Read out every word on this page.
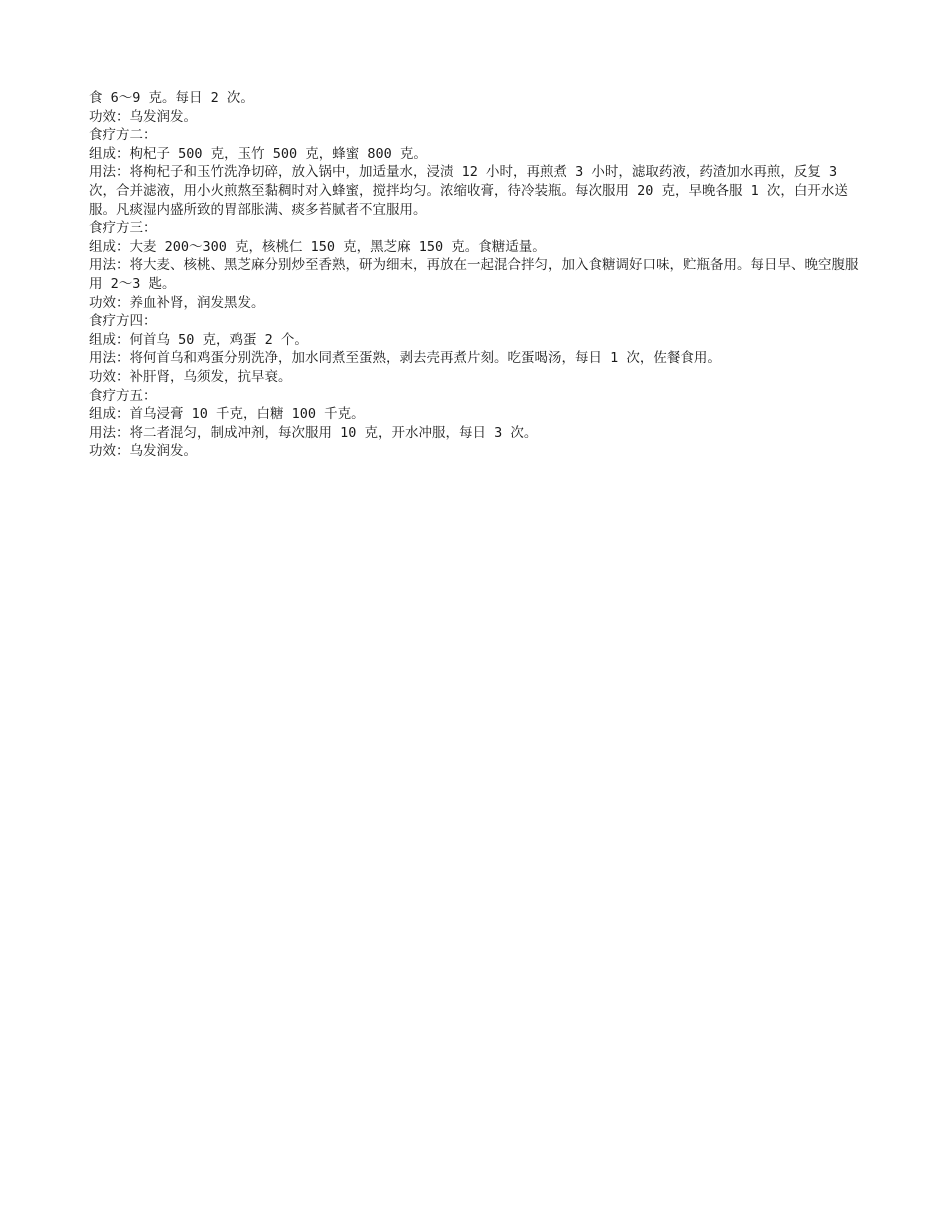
食 6～9 克。每日 2 次。

功效：乌发润发。

食疗方二：

组成：枸杞子 500 克，玉竹 500 克，蜂蜜 800 克。

用法：将枸杞子和玉竹洗净切碎，放入锅中，加适量水，浸渍 12 小时，再煎煮 3 小时，滤取药液，药渣加水再煎，反复 3 次，合并滤液，用小火煎熬至黏稠时对入蜂蜜，搅拌均匀。浓缩收膏，待冷装瓶。每次服用 20 克，早晚各服 1 次，白开水送服。凡痰湿内盛所致的胃部胀满、痰多苔腻者不宜服用。

食疗方三：

组成：大麦 200～300 克，核桃仁 150 克，黑芝麻 150 克。食糖适量。

用法：将大麦、核桃、黑芝麻分别炒至香熟，研为细末，再放在一起混合拌匀，加入食糖调好口味，贮瓶备用。每日早、晚空腹服用 2～3 匙。

功效：养血补肾，润发黑发。

食疗方四：

组成：何首乌 50 克，鸡蛋 2 个。

用法：将何首乌和鸡蛋分别洗净，加水同煮至蛋熟，剥去壳再煮片刻。吃蛋喝汤，每日 1 次，佐餐食用。

功效：补肝肾，乌须发，抗早衰。

食疗方五：

组成：首乌浸膏 10 千克，白糖 100 千克。

用法：将二者混匀，制成冲剂，每次服用 10 克，开水冲服，每日 3 次。

功效：乌发润发。
